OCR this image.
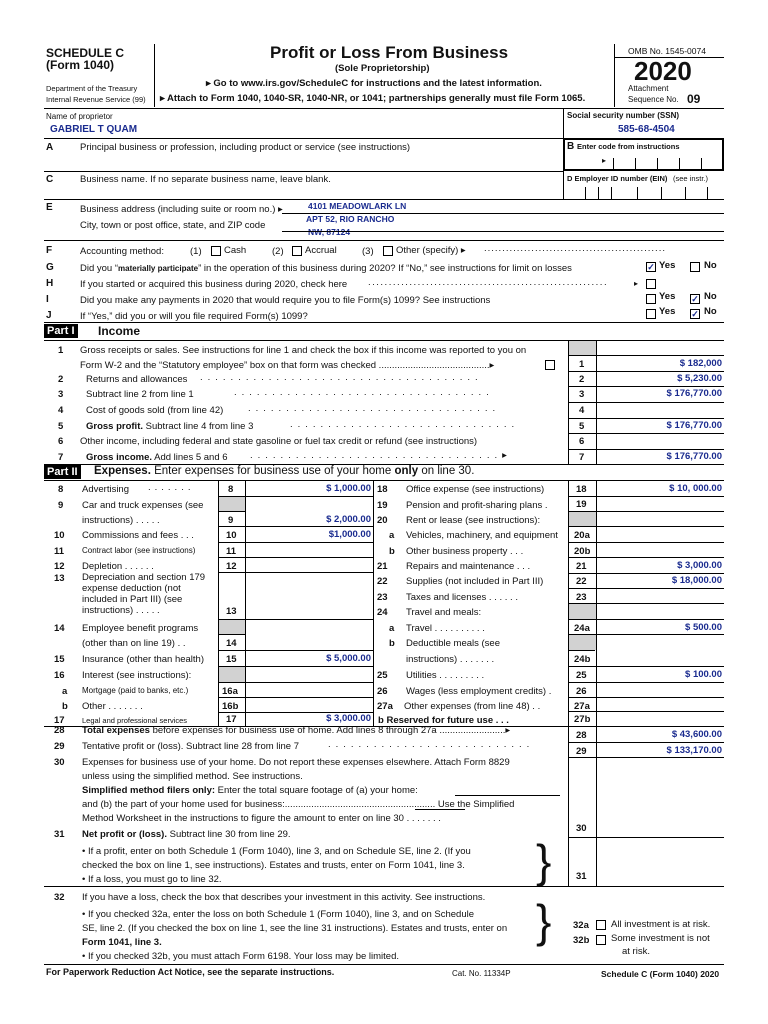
SCHEDULE C
(Form 1040)
Department of the Treasury
Internal Revenue Service (99)
Profit or Loss From Business
(Sole Proprietorship)
▸ Go to www.irs.gov/ScheduleC for instructions and the latest information.
▸ Attach to Form 1040, 1040-SR, 1040-NR, or 1041; partnerships generally must file Form 1065.
OMB No. 1545-0074
2020
Attachment
Sequence No. 09
Name of proprietor
GABRIEL T QUAM
Social security number (SSN)
585-68-4504
A	Principal business or profession, including product or service (see instructions)	B Enter code from instructions
▸
C	Business name. If no separate business name, leave blank.	D Employer ID number (EIN) (see instr.)
E	Business address (including suite or room no.) ▸
City, town or post office, state, and ZIP code
4101 MEADOWLARK LN
APT 52, RIO RANCHO
NW, 87124
F	Accounting method:	(1) Cash	(2) Accrual	(3) Other (specify) ▸ ..................................................
G	Did you “materially participate” in the operation of this business during 2020? If “No,” see instructions for limit on losses	✓ Yes	No
H	If you started or acquired this business during 2020, check here ..........................................................	▸
I	Did you make any payments in 2020 that would require you to file Form(s) 1099? See instructions	Yes ✓ No
J	If “Yes,” did you or will you file required Form(s) 1099?	Yes ✓ No
Part I Income
1 Gross receipts or sales. See instructions for line 1 and check the box if this income was reported to you on
Form W-2 and the “Statutory employee” box on that form was checked ..........................................▸	1	$ 182,000
2 Returns and allowances .....................................	2	$ 5,230.00
3 Subtract line 2 from line 1	..................................	3	$ 176,770.00
4 Cost of goods sold (from line 42)	.................................	4
5 Gross profit. Subtract line 4 from line 3	..............................	5	$ 176,770.00
6 Other income, including federal and state gasoline or fuel tax credit or refund (see instructions)	6
7 Gross income. Add lines 5 and 6 .................................▸	7	$ 176,770.00
Part II Expenses. Enter expenses for business use of your home only on line 30.
8 Advertising .......	8	$ 1,000.00
9 Car and truck expenses (see
instructions) . . . . .	9	$ 2,000.00
10 Commissions and fees . . .	10	$1,000.00
11 Contract labor (see instructions)	11
12 Depletion . . . . . .	12
13 Depreciation and section 179
expense deduction (not
included in Part III) (see
instructions) . . . . .	13
14 Employee benefit programs
(other than on line 19) . .	14
15 Insurance (other than health) 15	$ 5,000.00
16 Interest (see instructions):
a Mortgage (paid to banks, etc.)	16a
b Other . . . . . . .	16b
17 Legal and professional services	17	$ 3,000.00
18 Office expense (see instructions)	18	$ 10, 000.00
19 Pension and profit-sharing plans .	19
20 Rent or lease (see instructions):
a Vehicles, machinery, and equipment 20a
b Other business property . . .	20b
21 Repairs and maintenance . . .	21	$ 3,000.00
22 Supplies (not included in Part III)	22	$ 18,000.00
23 Taxes and licenses . . . . . .	23
24 Travel and meals:
a Travel . . . . . . . . . .	24a	$ 500.00
b Deductible meals (see
instructions) . . . . . . .	24b
25 Utilities . . . . . . . . .	25	$ 100.00
26 Wages (less employment credits) .	26
27a Other expenses (from line 48) . .	27a
b Reserved for future use . . .	27b
28 Total expenses before expenses for business use of home. Add lines 8 through 27a .........................▸	28	$ 43,600.00
29 Tentative profit or (loss). Subtract line 28 from line 7	...........................
29	$ 133,170.00
30 Expenses for business use of your home. Do not report these expenses elsewhere. Attach Form 8829
unless using the simplified method. See instructions.
Simplified method filers only: Enter the total square footage of (a) your home:
and (b) the part of your home used for business:......................................................... Use the Simplified
Method Worksheet in the instructions to figure the amount to enter on line 30 . . . . . . .
30
31 Net profit or (loss). Subtract line 30 from line 29.
• If a profit, enter on both Schedule 1 (Form 1040), line 3, and on Schedule SE, line 2. (If you
checked the box on line 1, see instructions). Estates and trusts, enter on Form 1041, line 3.
• If a loss, you must go to line 32.	}	31
32 If you have a loss, check the box that describes your investment in this activity. See instructions.
• If you checked 32a, enter the loss on both Schedule 1 (Form 1040), line 3, and on Schedule
SE, line 2. (If you checked the box on line 1, see the line 31 instructions). Estates and trusts, enter on
Form 1041, line 3.
• If you checked 32b, you must attach Form 6198. Your loss may be limited.
} 32a All investment is at risk.
32b Some investment is not
at risk.
For Paperwork Reduction Act Notice, see the separate instructions.	Cat. No. 11334P	Schedule C (Form 1040) 2020
